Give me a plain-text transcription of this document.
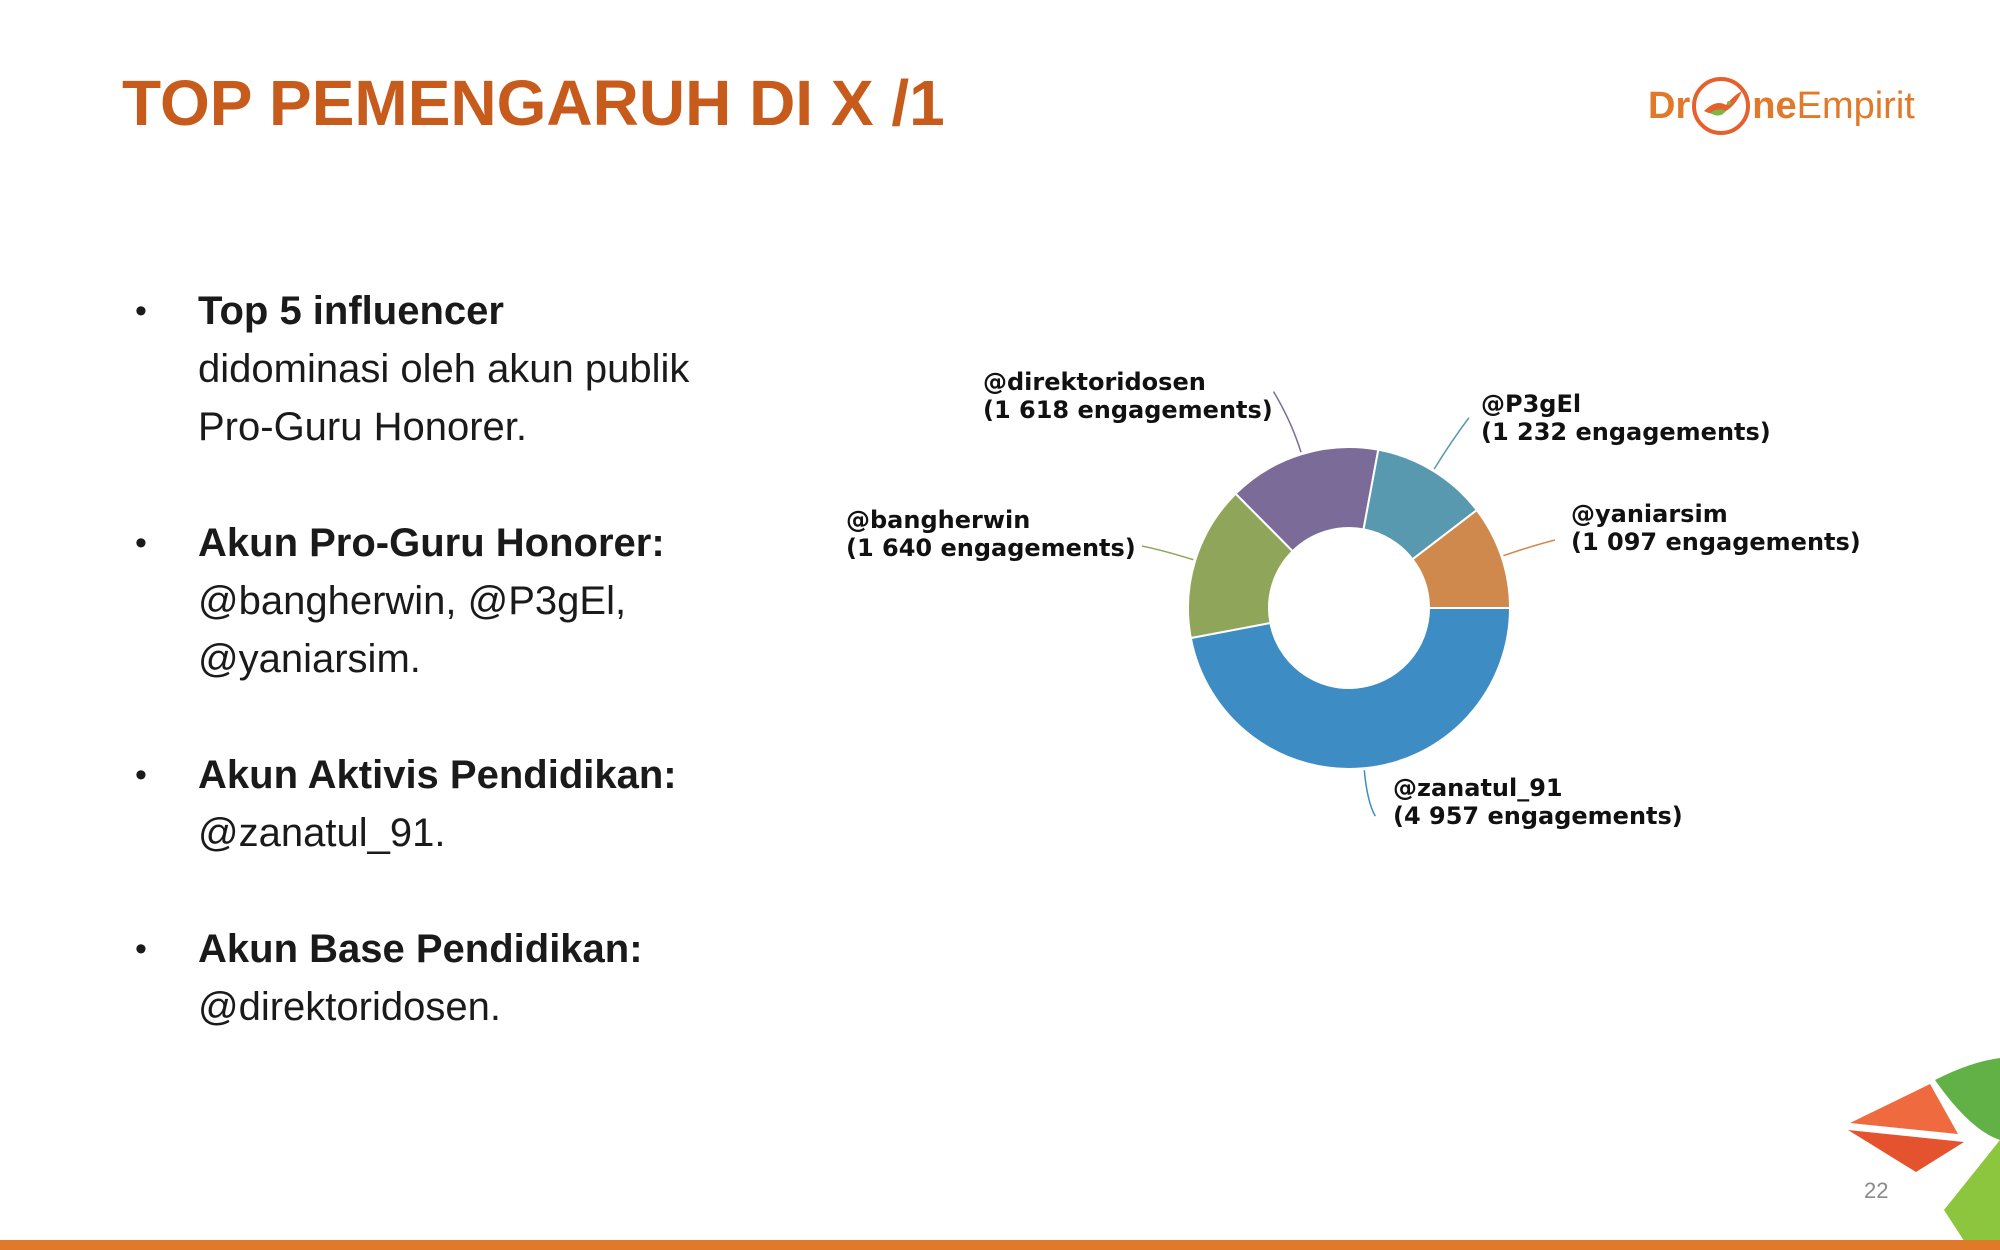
TOP PEMENGARUH DI X /1	Dr ne Empirit
• Top 5 influencer
didominasi oleh akun publik Pro-Guru Honorer.
• Akun Pro-Guru Honorer:
@bangherwin, @P3gEl, @yaniarsim.
• Akun Aktivis Pendidikan:
@zanatul_91.
• Akun Base Pendidikan:
@direktoridosen.
@zanatul_91
(4 957 engagements)
@bangherwin
(1 640 engagements)
@direktoridosen
(1 618 engagements)	@P3gEl
(1 232 engagements)
@yaniarsim
(1 097 engagements)
22
